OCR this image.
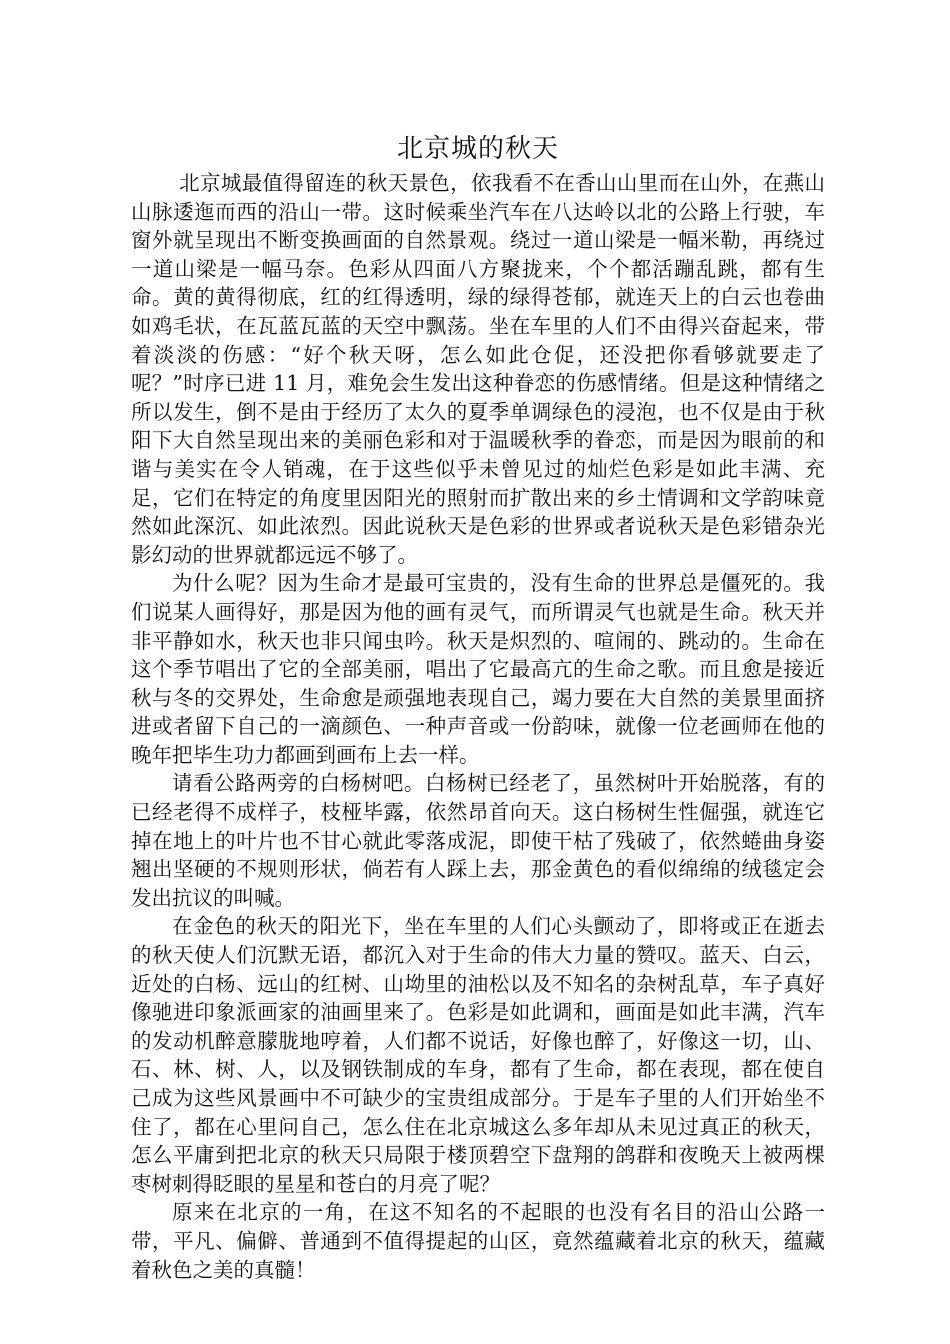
北京城的秋天

北京城最值得留连的秋天景色，依我看不在香山山里而在山外，在燕山山脉逶迤而西的沿山一带。这时候乘坐汽车在八达岭以北的公路上行驶，车窗外就呈现出不断变换画面的自然景观。绕过一道山梁是一幅米勒，再绕过一道山梁是一幅马奈。色彩从四面八方聚拢来，个个都活蹦乱跳，都有生命。黄的黄得彻底，红的红得透明，绿的绿得苍郁，就连天上的白云也卷曲如鸡毛状，在瓦蓝瓦蓝的天空中飘荡。坐在车里的人们不由得兴奋起来，带着淡淡的伤感：“好个秋天呀，怎么如此仓促，还没把你看够就要走了呢？”时序已进 11 月，难免会生发出这种眷恋的伤感情绪。但是这种情绪之所以发生，倒不是由于经历了太久的夏季单调绿色的浸泡，也不仅是由于秋阳下大自然呈现出来的美丽色彩和对于温暖秋季的眷恋，而是因为眼前的和谐与美实在令人销魂，在于这些似乎未曾见过的灿烂色彩是如此丰满、充足，它们在特定的角度里因阳光的照射而扩散出来的乡土情调和文学韵味竟然如此深沉、如此浓烈。因此说秋天是色彩的世界或者说秋天是色彩错杂光影幻动的世界就都远远不够了。

为什么呢？因为生命才是最可宝贵的，没有生命的世界总是僵死的。我们说某人画得好，那是因为他的画有灵气，而所谓灵气也就是生命。秋天并非平静如水，秋天也非只闻虫吟。秋天是炽烈的、喧闹的、跳动的。生命在这个季节唱出了它的全部美丽，唱出了它最高亢的生命之歌。而且愈是接近秋与冬的交界处，生命愈是顽强地表现自己，竭力要在大自然的美景里面挤进或者留下自己的一滴颜色、一种声音或一份韵味，就像一位老画师在他的晚年把毕生功力都画到画布上去一样。

请看公路两旁的白杨树吧。白杨树已经老了，虽然树叶开始脱落，有的已经老得不成样子，枝桠毕露，依然昂首向天。这白杨树生性倔强，就连它掉在地上的叶片也不甘心就此零落成泥，即使干枯了残破了，依然蜷曲身姿翘出坚硬的不规则形状，倘若有人踩上去，那金黄色的看似绵绵的绒毯定会发出抗议的叫喊。

在金色的秋天的阳光下，坐在车里的人们心头颤动了，即将或正在逝去的秋天使人们沉默无语，都沉入对于生命的伟大力量的赞叹。蓝天、白云，近处的白杨、远山的红树、山坳里的油松以及不知名的杂树乱草，车子真好像驰进印象派画家的油画里来了。色彩是如此调和，画面是如此丰满，汽车的发动机醉意朦胧地哼着，人们都不说话，好像也醉了，好像这一切，山、石、林、树、人，以及钢铁制成的车身，都有了生命，都在表现，都在使自己成为这些风景画中不可缺少的宝贵组成部分。于是车子里的人们开始坐不住了，都在心里问自己，怎么住在北京城这么多年却从未见过真正的秋天，怎么平庸到把北京的秋天只局限于楼顶碧空下盘翔的鸽群和夜晚天上被两棵枣树刺得眨眼的星星和苍白的月亮了呢？

原来在北京的一角，在这不知名的不起眼的也没有名目的沿山公路一带，平凡、偏僻、普通到不值得提起的山区，竟然蕴藏着北京的秋天，蕴藏着秋色之美的真髓！
